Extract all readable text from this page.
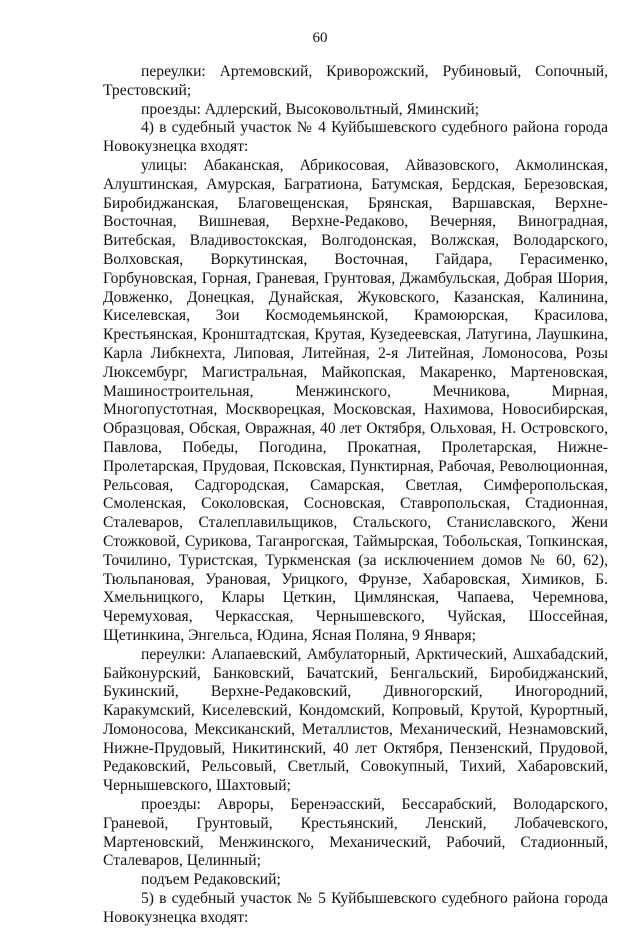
60

переулки: Артемовский, Криворожский, Рубиновый, Сопочный, Трестовский;

проезды: Адлерский, Высоковольтный, Яминский;

4) в судебный участок № 4 Куйбышевского судебного района города Новокузнецка входят:

улицы: Абаканская, Абрикосовая, Айвазовского, Акмолинская, Алуштинская, Амурская, Багратиона, Батумская, Бердская, Березовская, Биробиджанская, Благовещенская, Брянская, Варшавская, Верхне-Восточная, Вишневая, Верхне-Редаково, Вечерняя, Виноградная, Витебская, Владивостокская, Волгодонская, Волжская, Володарского, Волховская, Воркутинская, Восточная, Гайдара, Герасименко, Горбуновская, Горная, Граневая, Грунтовая, Джамбульская, Добрая Шория, Довженко, Донецкая, Дунайская, Жуковского, Казанская, Калинина, Киселевская, Зои Космодемьянской, Крамоюрская, Красилова, Крестьянская, Кронштадтская, Крутая, Кузедеевская, Латугина, Лаушкина, Карла Либкнехта, Липовая, Литейная, 2-я Литейная, Ломоносова, Розы Люксембург, Магистральная, Майкопская, Макаренко, Мартеновская, Машиностроительная, Менжинского, Мечникова, Мирная, Многопустотная, Москворецкая, Московская, Нахимова, Новосибирская, Образцовая, Обская, Овражная, 40 лет Октября, Ольховая, Н. Островского, Павлова, Победы, Погодина, Прокатная, Пролетарская, Нижне-Пролетарская, Прудовая, Псковская, Пунктирная, Рабочая, Революционная, Рельсовая, Садгородская, Самарская, Светлая, Симферопольская, Смоленская, Соколовская, Сосновская, Ставропольская, Стадионная, Сталеваров, Сталеплавильщиков, Стальского, Станиславского, Жени Стожковой, Сурикова, Таганрогская, Таймырская, Тобольская, Топкинская, Точилино, Туристская, Туркменская (за исключением домов № 60, 62), Тюльпановая, Урановая, Урицкого, Фрунзе, Хабаровская, Химиков, Б. Хмельницкого, Клары Цеткин, Цимлянская, Чапаева, Черемнова, Черемуховая, Черкасская, Чернышевского, Чуйская, Шоссейная, Щетинкина, Энгельса, Юдина, Ясная Поляна, 9 Января;

переулки: Алапаевский, Амбулаторный, Арктический, Ашхабадский, Байконурский, Банковский, Бачатский, Бенгальский, Биробиджанский, Букинский, Верхне-Редаковский, Дивногорский, Иногородний, Каракумский, Киселевский, Кондомский, Копровый, Крутой, Курортный, Ломоносова, Мексиканский, Металлистов, Механический, Незнамовский, Нижне-Прудовый, Никитинский, 40 лет Октября, Пензенский, Прудовой, Редаковский, Рельсовый, Светлый, Совокупный, Тихий, Хабаровский, Чернышевского, Шахтовый;

проезды: Авроры, Беренэасский, Бессарабский, Володарского, Граневой, Грунтовый, Крестьянский, Ленский, Лобачевского, Мартеновский, Менжинского, Механический, Рабочий, Стадионный, Сталеваров, Целинный;

подъем Редаковский;

5) в судебный участок № 5 Куйбышевского судебного района города Новокузнецка входят:
